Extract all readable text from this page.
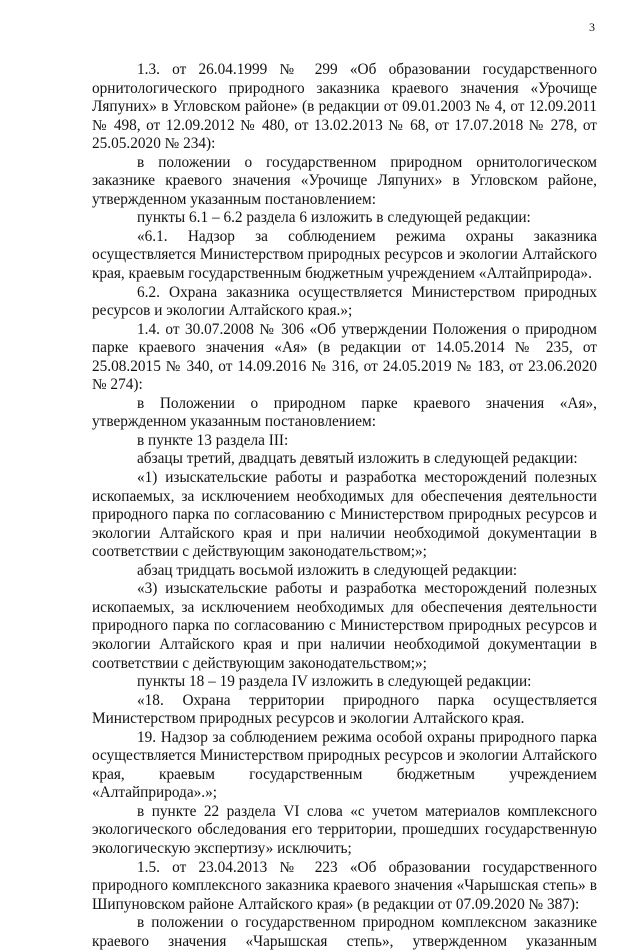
3

1.3. от 26.04.1999 № 299 «Об образовании государственного орнитологического природного заказника краевого значения «Урочище Ляпуних» в Угловском районе» (в редакции от 09.01.2003 № 4, от 12.09.2011 № 498, от 12.09.2012 № 480, от 13.02.2013 № 68, от 17.07.2018 № 278, от 25.05.2020 № 234):

в положении о государственном природном орнитологическом заказнике краевого значения «Урочище Ляпуних» в Угловском районе, утвержденном указанным постановлением:

пункты 6.1 – 6.2 раздела 6 изложить в следующей редакции:

«6.1. Надзор за соблюдением режима охраны заказника осуществляется Министерством природных ресурсов и экологии Алтайского края, краевым государственным бюджетным учреждением «Алтайприрода».

6.2. Охрана заказника осуществляется Министерством природных ресурсов и экологии Алтайского края.»;

1.4. от 30.07.2008 № 306 «Об утверждении Положения о природном парке краевого значения «Ая» (в редакции от 14.05.2014 № 235, от 25.08.2015 № 340, от 14.09.2016 № 316, от 24.05.2019 № 183, от 23.06.2020 № 274):

в Положении о природном парке краевого значения «Ая», утвержденном указанным постановлением:

в пункте 13 раздела III:

абзацы третий, двадцать девятый изложить в следующей редакции:

«1) изыскательские работы и разработка месторождений полезных ископаемых, за исключением необходимых для обеспечения деятельности природного парка по согласованию с Министерством природных ресурсов и экологии Алтайского края и при наличии необходимой документации в соответствии с действующим законодательством;»;

абзац тридцать восьмой изложить в следующей редакции:

«3) изыскательские работы и разработка месторождений полезных ископаемых, за исключением необходимых для обеспечения деятельности природного парка по согласованию с Министерством природных ресурсов и экологии Алтайского края и при наличии необходимой документации в соответствии с действующим законодательством;»;

пункты 18 – 19 раздела IV изложить в следующей редакции:

«18. Охрана территории природного парка осуществляется Министерством природных ресурсов и экологии Алтайского края.

19. Надзор за соблюдением режима особой охраны природного парка осуществляется Министерством природных ресурсов и экологии Алтайского края, краевым государственным бюджетным учреждением «Алтайприрода».»;

в пункте 22 раздела VI слова «с учетом материалов комплексного экологического обследования его территории, прошедших государственную экологическую экспертизу» исключить;

1.5. от 23.04.2013 № 223 «Об образовании государственного природного комплексного заказника краевого значения «Чарышская степь» в Шипуновском районе Алтайского края» (в редакции от 07.09.2020 № 387):

в положении о государственном природном комплексном заказнике краевого значения «Чарышская степь», утвержденном указанным
